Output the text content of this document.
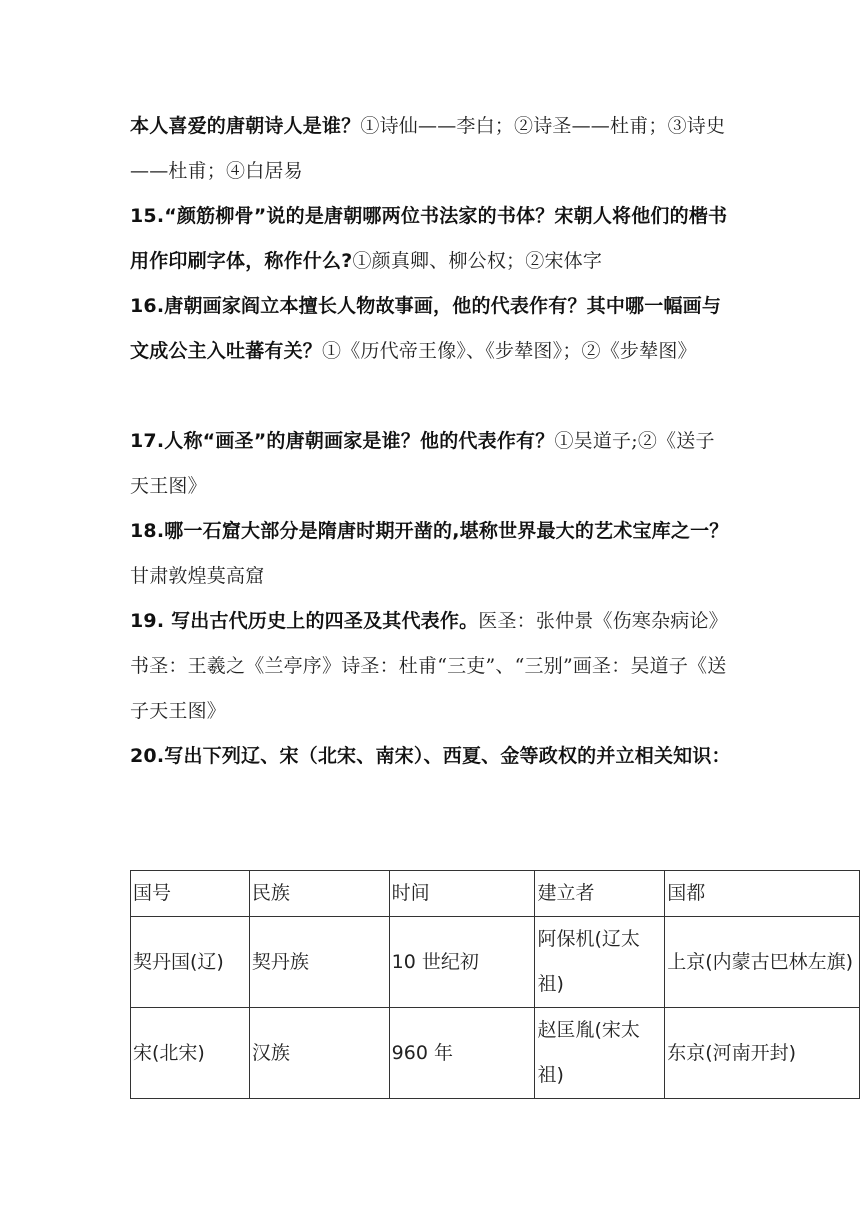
本人喜爱的唐朝诗人是谁？①诗仙——李白；②诗圣——杜甫；③诗史——杜甫；④白居易

15.“颜筋柳骨”说的是唐朝哪两位书法家的书体？宋朝人将他们的楷书用作印刷字体，称作什么?①颜真卿、柳公权；②宋体字

16.唐朝画家阎立本擅长人物故事画，他的代表作有？其中哪一幅画与文成公主入吐蕃有关？①《历代帝王像》、《步辇图》；②《步辇图》

17.人称“画圣”的唐朝画家是谁？他的代表作有？①吴道子;②《送子天王图》

18.哪一石窟大部分是隋唐时期开凿的,堪称世界最大的艺术宝库之一？甘肃敦煌莫高窟

19. 写出古代历史上的四圣及其代表作。医圣：张仲景《伤寒杂病论》书圣：王羲之《兰亭序》诗圣：杜甫“三吏”、“三别”画圣：吴道子《送子天王图》

20.写出下列辽、宋（北宋、南宋）、西夏、金等政权的并立相关知识：

国号	民族	时间	建立者	国都
契丹国(辽)	契丹族	10 世纪初	阿保机(辽太祖)	上京(内蒙古巴林左旗)
宋(北宋)	汉族	960 年	赵匡胤(宋太祖)	东京(河南开封)
